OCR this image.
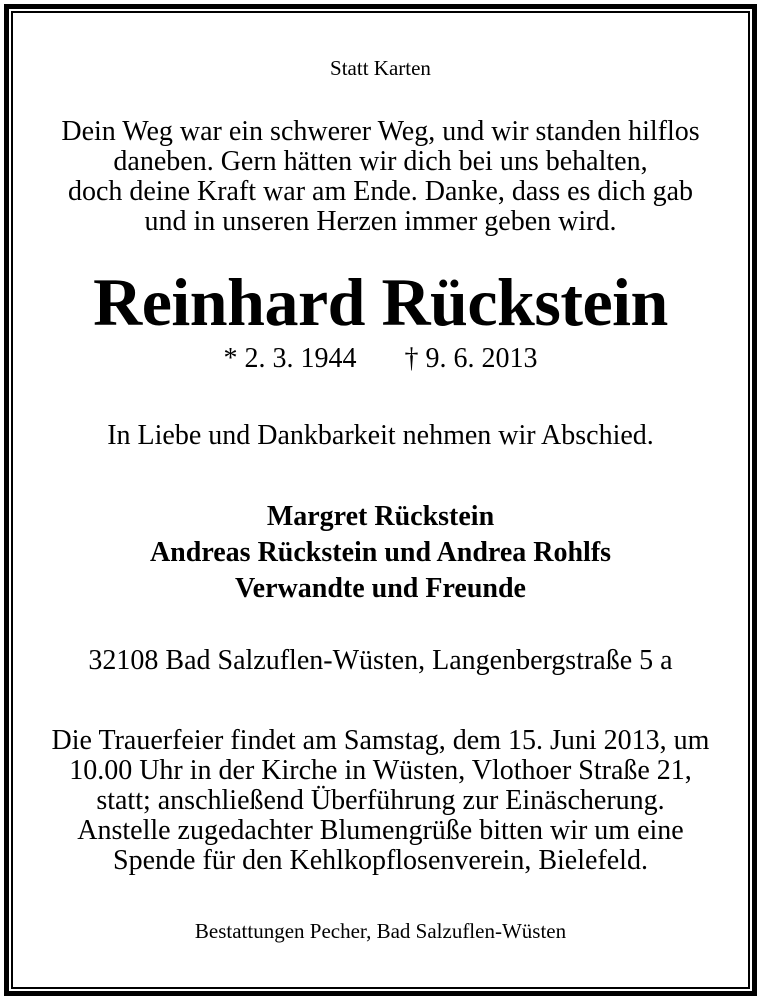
Statt Karten
Dein Weg war ein schwerer Weg, und wir standen hilflos
daneben. Gern hätten wir dich bei uns behalten,
doch deine Kraft war am Ende. Danke, dass es dich gab
und in unseren Herzen immer geben wird.
Reinhard Rückstein
* 2. 3. 1944 † 9. 6. 2013
In Liebe und Dankbarkeit nehmen wir Abschied.
Margret Rückstein
Andreas Rückstein und Andrea Rohlfs
Verwandte und Freunde
32108 Bad Salzuflen-Wüsten, Langenbergstraße 5 a
Die Trauerfeier findet am Samstag, dem 15. Juni 2013, um
10.00 Uhr in der Kirche in Wüsten, Vlothoer Straße 21,
statt; anschließend Überführung zur Einäscherung.
Anstelle zugedachter Blumengrüße bitten wir um eine
Spende für den Kehlkopflosenverein, Bielefeld.
Bestattungen Pecher, Bad Salzuflen-Wüsten
